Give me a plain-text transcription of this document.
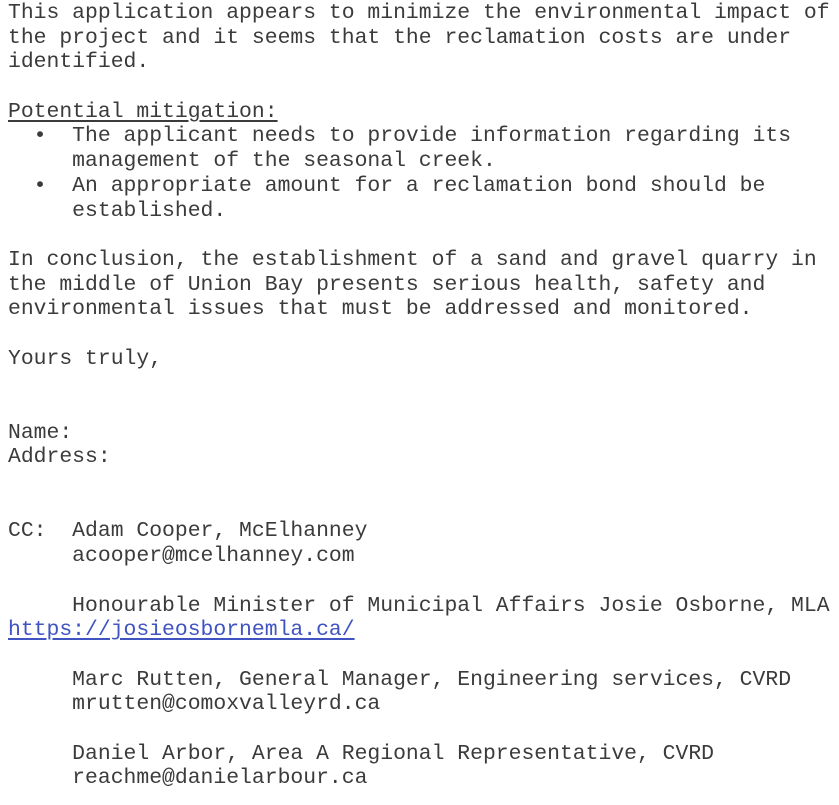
This application appears to minimize the environmental impact of
the project and it seems that the reclamation costs are under
identified.
Potential mitigation:
•  The applicant needs to provide information regarding its
management of the seasonal creek.
•  An appropriate amount for a reclamation bond should be
established.
In conclusion, the establishment of a sand and gravel quarry in
the middle of Union Bay presents serious health, safety and
environmental issues that must be addressed and monitored.
Yours truly,
Name:
Address:
CC:  Adam Cooper, McElhanney
acooper@mcelhanney.com
Honourable Minister of Municipal Affairs Josie Osborne, MLA
https://josieosbornemla.ca/
Marc Rutten, General Manager, Engineering services, CVRD
mrutten@comoxvalleyrd.ca
Daniel Arbor, Area A Regional Representative, CVRD
reachme@danielarbour.ca
